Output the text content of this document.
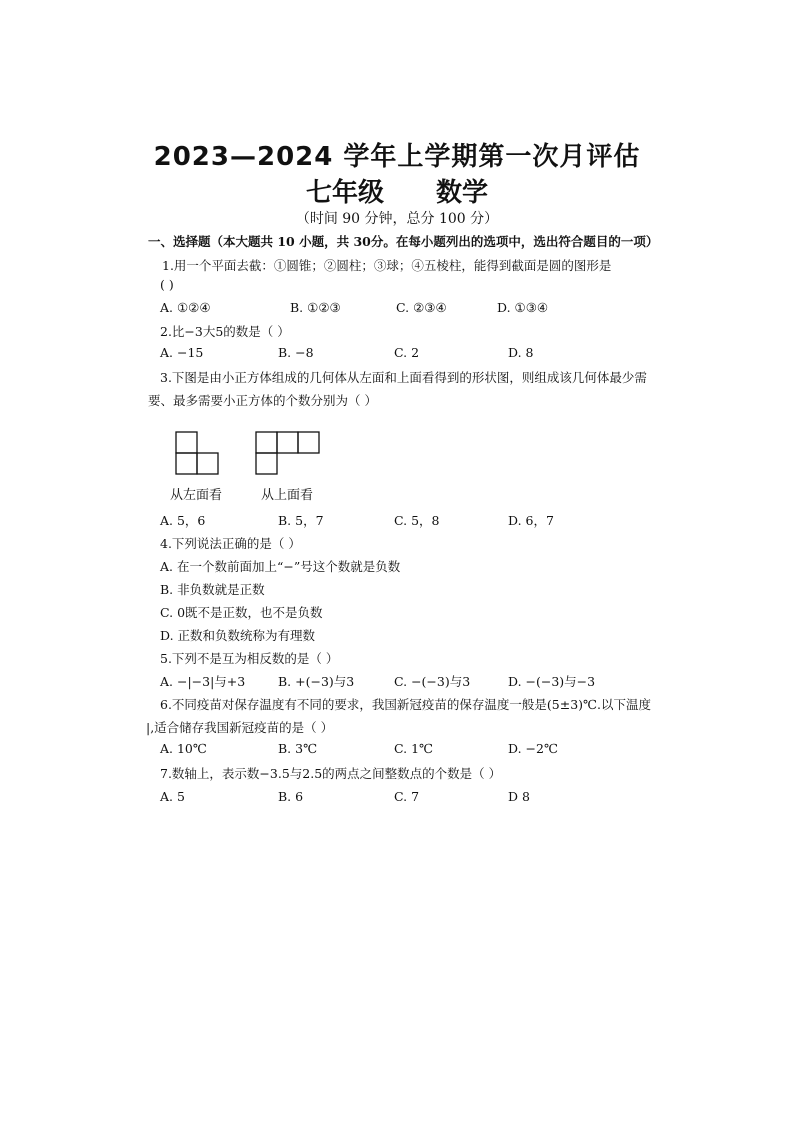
2023—2024 学年上学期第一次月评估
七年级 数学
（时间 90 分钟，总分 100 分）
一、选择题（本大题共 10 小题，共 30分。在每小题列出的选项中，选出符合题目的一项）
1.用一个平面去截：①圆锥；②圆柱；③球；④五棱柱，能得到截面是圆的图形是
( )
A. ①②④	B. ①②③	C. ②③④	D. ①③④
2.比−3大5的数是（ ）
A. −15	B. −8	C. 2	D. 8
3.下图是由小正方体组成的几何体从左面和上面看得到的形状图，则组成该几何体最少需
要、最多需要小正方体的个数分别为（ ）
从左面看	从上面看
A. 5，6	B. 5，7	C. 5，8	D. 6，7
4.下列说法正确的是（ ）
A. 在一个数前面加上“−”号这个数就是负数
B. 非负数就是正数
C. 0既不是正数，也不是负数
D. 正数和负数统称为有理数
5.下列不是互为相反数的是（ ）
A. −|−3|与+3	B. +(−3)与3	C. −(−3)与3	D. −(−3)与−3
6.不同疫苗对保存温度有不同的要求，我国新冠疫苗的保存温度一般是(5±3)℃.以下温度
|,适合储存我国新冠疫苗的是（ ）
A. 10℃	B. 3℃	C. 1℃	D. −2℃
7.数轴上，表示数−3.5与2.5的两点之间整数点的个数是（ ）
A. 5	B. 6	C. 7	D 8
